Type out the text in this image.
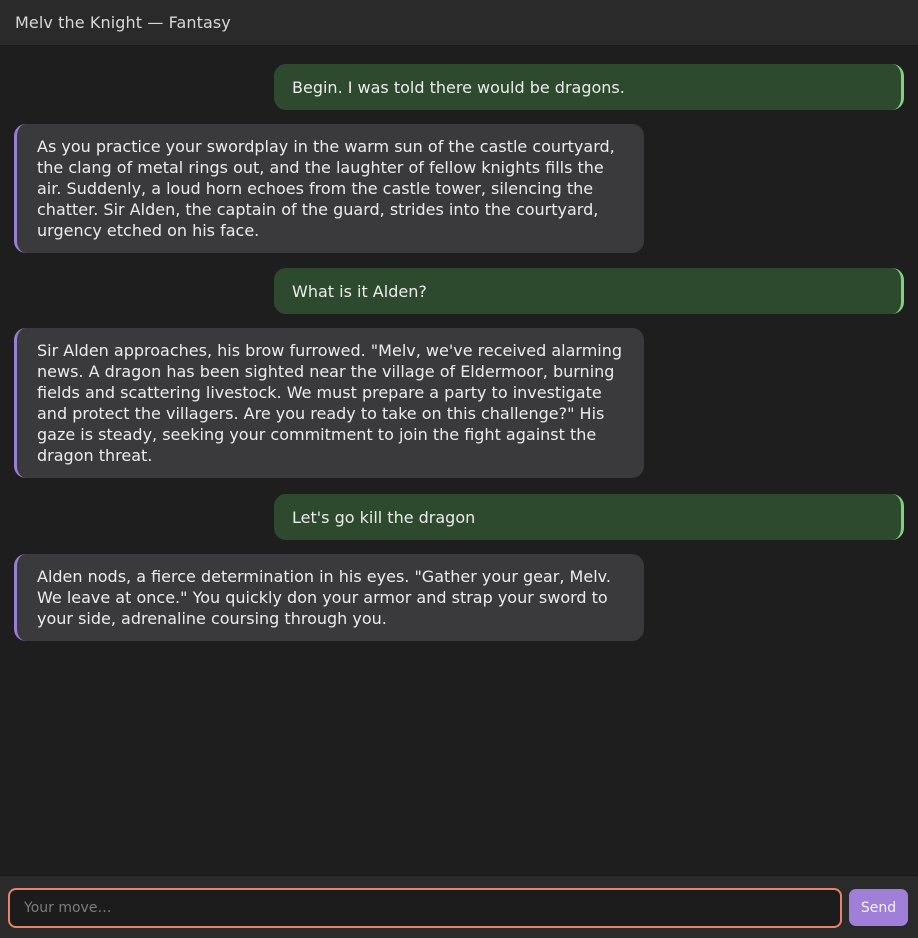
Melv the Knight — Fantasy
Begin. I was told there would be dragons.
As you practice your swordplay in the warm sun of the castle courtyard, the clang of metal rings out, and the laughter of fellow knights fills the air. Suddenly, a loud horn echoes from the castle tower, silencing the chatter. Sir Alden, the captain of the guard, strides into the courtyard, urgency etched on his face.
What is it Alden?
Sir Alden approaches, his brow furrowed. "Melv, we've received alarming news. A dragon has been sighted near the village of Eldermoor, burning fields and scattering livestock. We must prepare a party to investigate and protect the villagers. Are you ready to take on this challenge?" His gaze is steady, seeking your commitment to join the fight against the dragon threat.
Let's go kill the dragon
Alden nods, a fierce determination in his eyes. "Gather your gear, Melv. We leave at once." You quickly don your armor and strap your sword to your side, adrenaline coursing through you.
Your move…
Send
